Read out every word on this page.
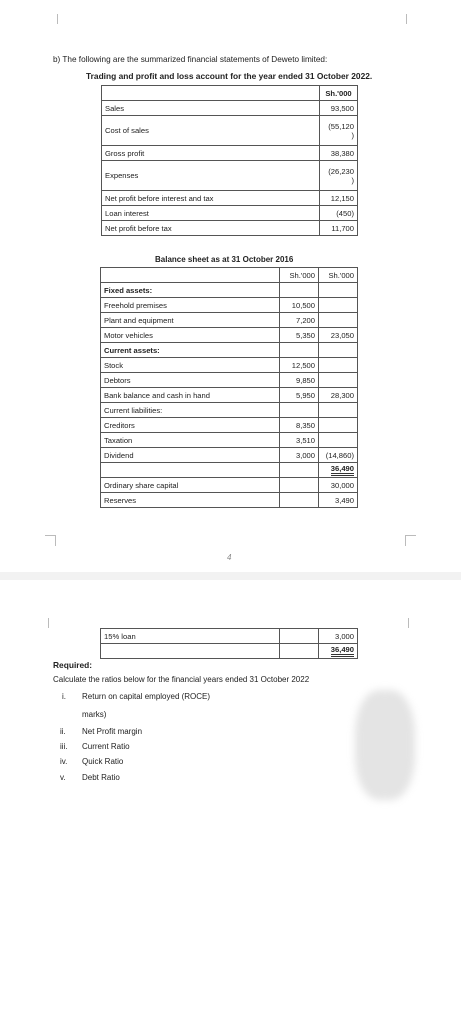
b) The following are the summarized financial statements of Deweto limited:
Trading and profit and loss account for the year ended 31 October 2022.
	Sh.'000
Sales	93,500
Cost of sales	(55,120
)
Gross profit	38,380
Expenses	(26,230
)
Net profit before interest and tax	12,150
Loan interest	(450)
Net profit before tax	11,700
Balance sheet as at 31 October 2016
	Sh.'000	Sh.'000
Fixed assets:		
Freehold premises	10,500	
Plant and equipment	7,200	
Motor vehicles	5,350	23,050
Current assets:		
Stock	12,500	
Debtors	9,850	
Bank balance and cash in hand	5,950	28,300
Current liabilities:		
Creditors	8,350	
Taxation	3,510	
Dividend	3,000	(14,860)
		36,490
Ordinary share capital		30,000
Reserves		3,490
4
15% loan		3,000
		36,490
Required:
Calculate the ratios below for the financial years ended 31 October 2022
i.	Return on capital employed (ROCE)
marks)
ii.	Net Profit margin
iii.	Current Ratio
iv.	Quick Ratio
v.	Debt Ratio
